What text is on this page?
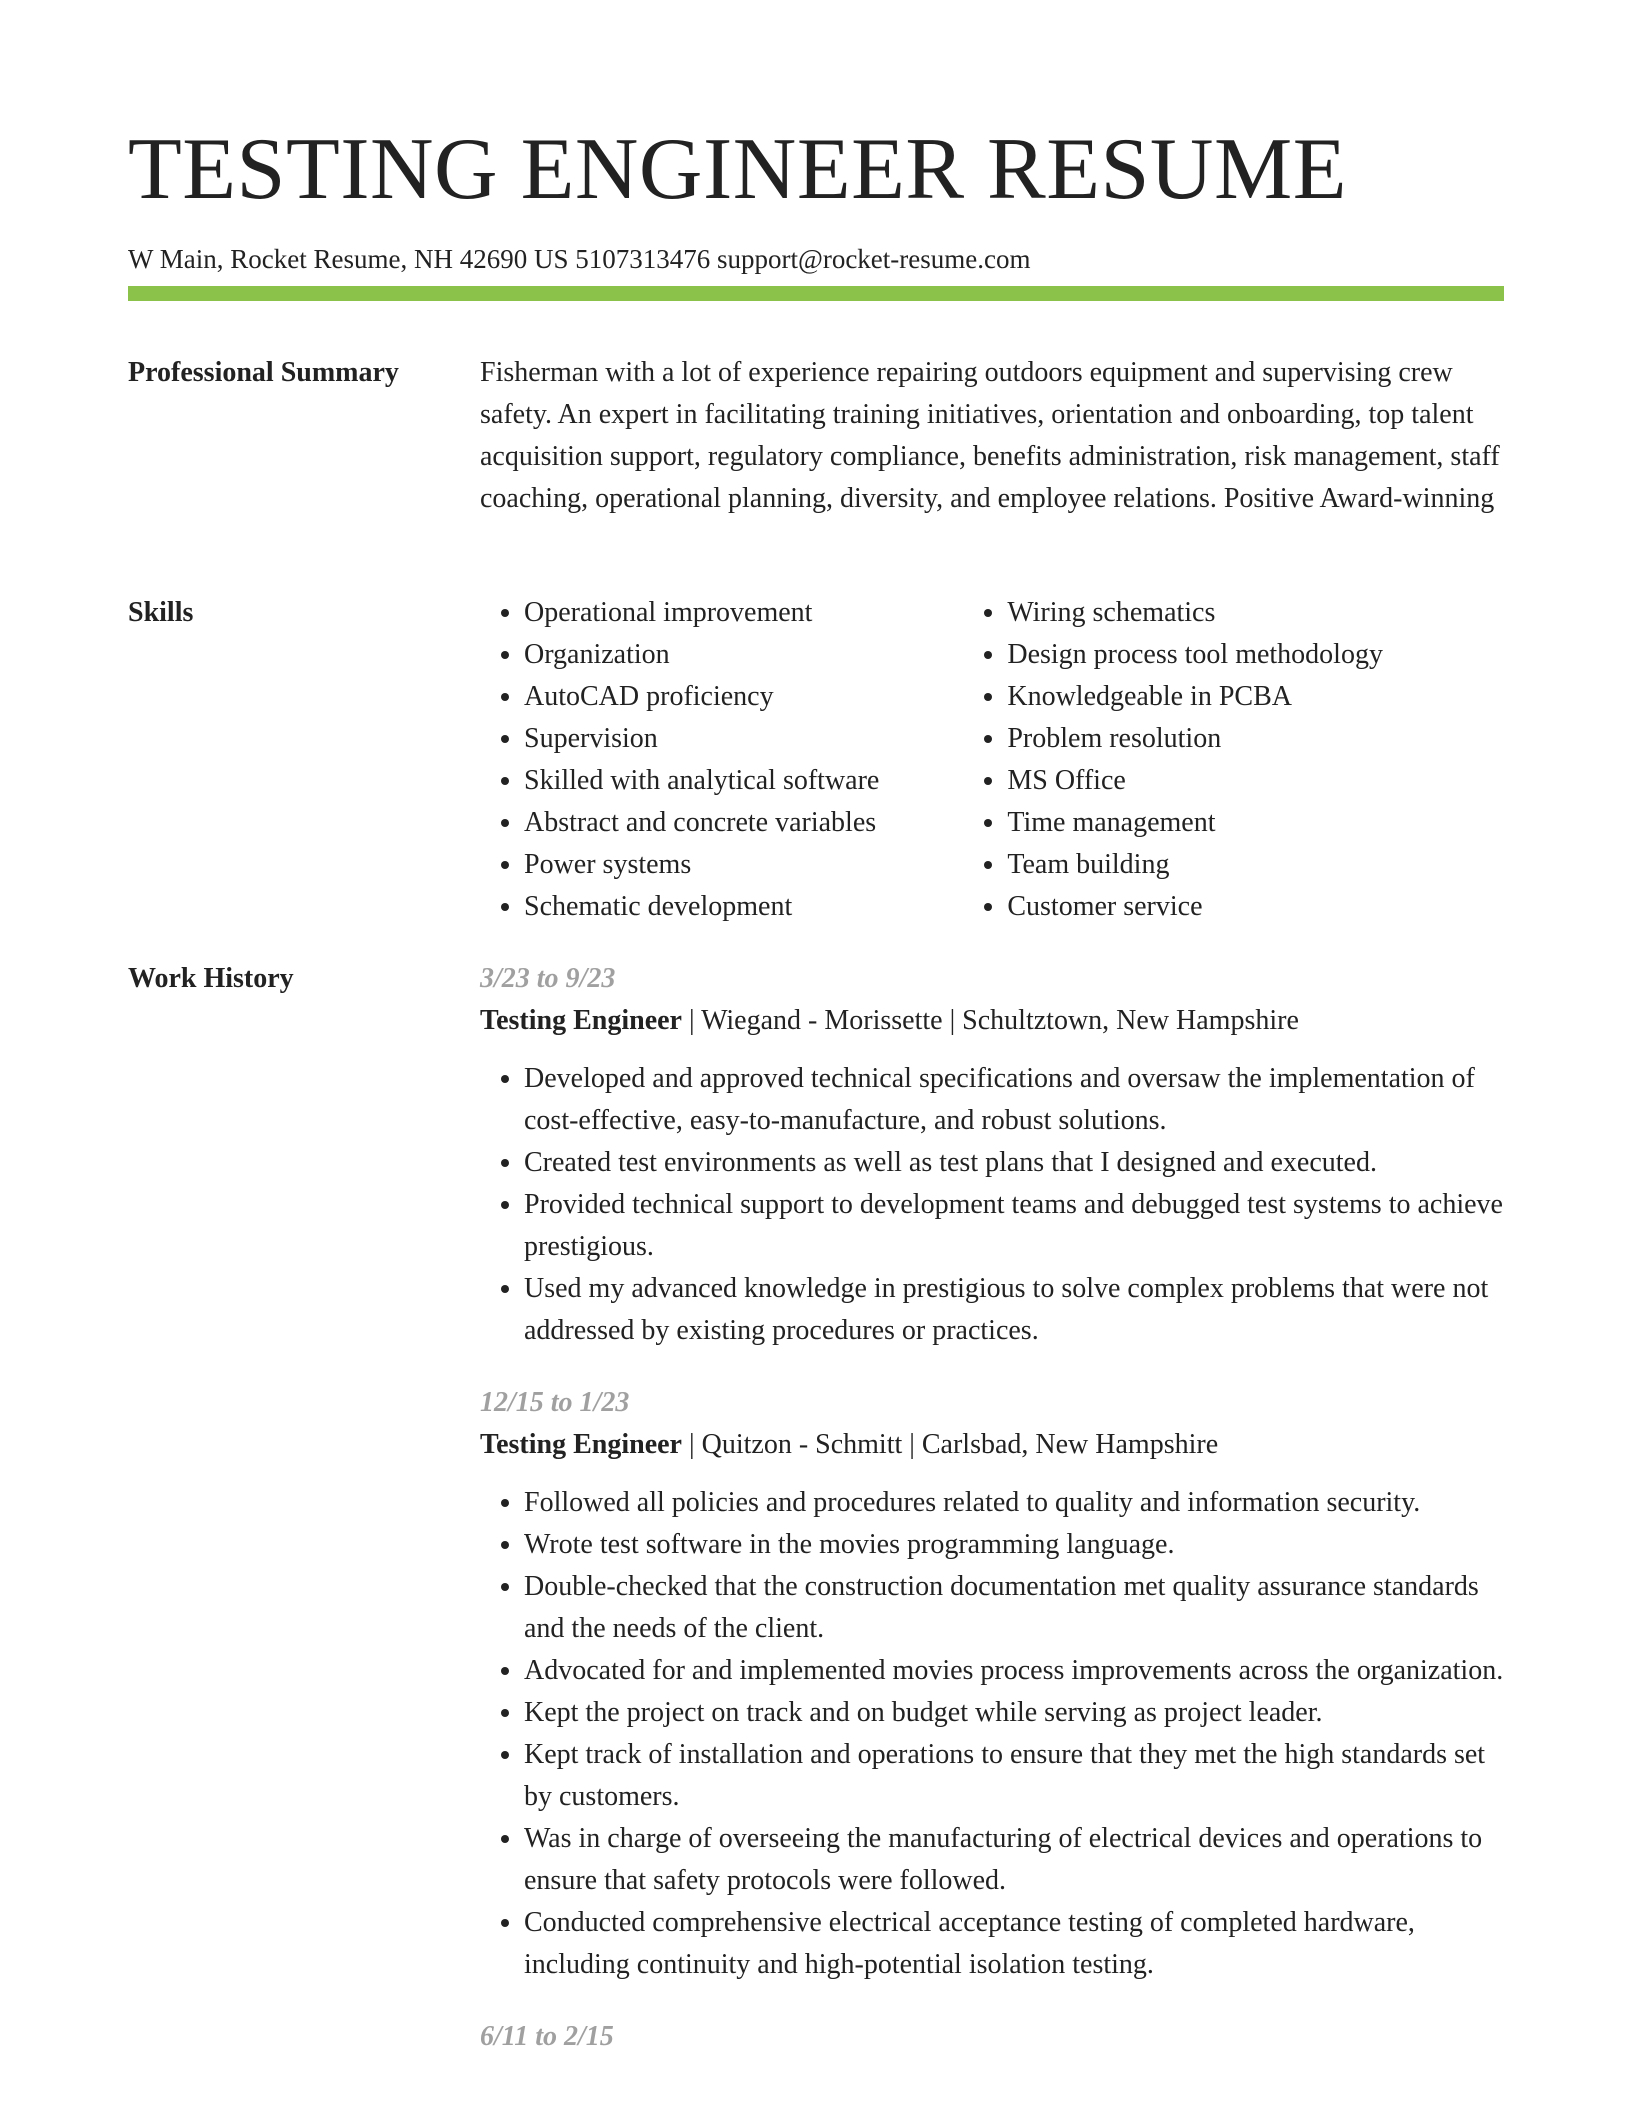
TESTING ENGINEER RESUME
W Main, Rocket Resume, NH 42690 US 5107313476 support@rocket-resume.com
Professional Summary	Fisherman with a lot of experience repairing outdoors equipment and supervising crew safety. An expert in facilitating training initiatives, orientation and onboarding, top talent acquisition support, regulatory compliance, benefits administration, risk management, staff coaching, operational planning, diversity, and employee relations. Positive Award-winning

Skills
•	Operational improvement
• Organization
• AutoCAD proficiency
• Supervision
• Skilled with analytical software
• Abstract and concrete variables
• Power systems
• Schematic development
• Wiring schematics
• Design process tool methodology
• Knowledgeable in PCBA
• Problem resolution
• MS Office
• Time management
• Team building
• Customer service
Work History	3/23 to 9/23
Testing Engineer | Wiegand - Morissette | Schultztown, New Hampshire
• Developed and approved technical specifications and oversaw the implementation of cost-effective, easy-to-manufacture, and robust solutions.
• Created test environments as well as test plans that I designed and executed.
• Provided technical support to development teams and debugged test systems to achieve prestigious.
• Used my advanced knowledge in prestigious to solve complex problems that were not addressed by existing procedures or practices.
12/15 to 1/23
Testing Engineer | Quitzon - Schmitt | Carlsbad, New Hampshire
• Followed all policies and procedures related to quality and information security.
• Wrote test software in the movies programming language.
• Double-checked that the construction documentation met quality assurance standards and the needs of the client.
• Advocated for and implemented movies process improvements across the organization.
• Kept the project on track and on budget while serving as project leader.
• Kept track of installation and operations to ensure that they met the high standards set by customers.
• Was in charge of overseeing the manufacturing of electrical devices and operations to ensure that safety protocols were followed.
• Conducted comprehensive electrical acceptance testing of completed hardware, including continuity and high-potential isolation testing.
6/11 to 2/15
